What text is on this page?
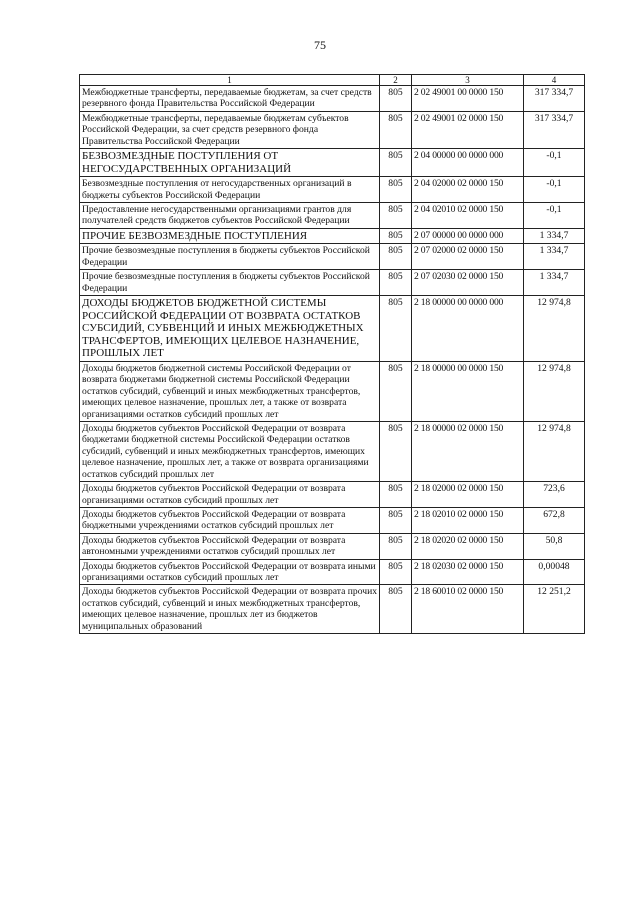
75
1	2	3	4
Межбюджетные трансферты, передаваемые бюджетам, за счет средств резервного фонда Правительства Российской Федерации	805	2 02 49001 00 0000 150	317 334,7
Межбюджетные трансферты, передаваемые бюджетам субъектов Российской Федерации, за счет средств резервного фонда Правительства Российской Федерации	805	2 02 49001 02 0000 150	317 334,7
БЕЗВОЗМЕЗДНЫЕ ПОСТУПЛЕНИЯ ОТ НЕГОСУДАРСТВЕННЫХ ОРГАНИЗАЦИЙ	805	2 04 00000 00 0000 000	-0,1
Безвозмездные поступления от негосударственных организаций в бюджеты субъектов Российской Федерации	805	2 04 02000 02 0000 150	-0,1
Предоставление негосударственными организациями грантов для получателей средств бюджетов субъектов Российской Федерации	805	2 04 02010 02 0000 150	-0,1
ПРОЧИЕ БЕЗВОЗМЕЗДНЫЕ ПОСТУПЛЕНИЯ	805	2 07 00000 00 0000 000	1 334,7
Прочие безвозмездные поступления в бюджеты субъектов Российской Федерации	805	2 07 02000 02 0000 150	1 334,7
Прочие безвозмездные поступления в бюджеты субъектов Российской Федерации	805	2 07 02030 02 0000 150	1 334,7
ДОХОДЫ БЮДЖЕТОВ БЮДЖЕТНОЙ СИСТЕМЫ РОССИЙСКОЙ ФЕДЕРАЦИИ ОТ ВОЗВРАТА ОСТАТКОВ СУБСИДИЙ, СУБВЕНЦИЙ И ИНЫХ МЕЖБЮДЖЕТНЫХ ТРАНСФЕРТОВ, ИМЕЮЩИХ ЦЕЛЕВОЕ НАЗНАЧЕНИЕ, ПРОШЛЫХ ЛЕТ	805	2 18 00000 00 0000 000	12 974,8
Доходы бюджетов бюджетной системы Российской Федерации от возврата бюджетами бюджетной системы Российской Федерации остатков субсидий, субвенций и иных межбюджетных трансфертов, имеющих целевое назначение, прошлых лет, а также от возврата организациями остатков субсидий прошлых лет	805	2 18 00000 00 0000 150	12 974,8
Доходы бюджетов субъектов Российской Федерации от возврата бюджетами бюджетной системы Российской Федерации остатков субсидий, субвенций и иных межбюджетных трансфертов, имеющих целевое назначение, прошлых лет, а также от возврата организациями остатков субсидий прошлых лет	805	2 18 00000 02 0000 150	12 974,8
Доходы бюджетов субъектов Российской Федерации от возврата организациями остатков субсидий прошлых лет	805	2 18 02000 02 0000 150	723,6
Доходы бюджетов субъектов Российской Федерации от возврата бюджетными учреждениями остатков субсидий прошлых лет	805	2 18 02010 02 0000 150	672,8
Доходы бюджетов субъектов Российской Федерации от возврата автономными учреждениями остатков субсидий прошлых лет	805	2 18 02020 02 0000 150	50,8
Доходы бюджетов субъектов Российской Федерации от возврата иными организациями остатков субсидий прошлых лет	805	2 18 02030 02 0000 150	0,00048
Доходы бюджетов субъектов Российской Федерации от возврата прочих остатков субсидий, субвенций и иных межбюджетных трансфертов, имеющих целевое назначение, прошлых лет из бюджетов муниципальных образований	805	2 18 60010 02 0000 150	12 251,2
